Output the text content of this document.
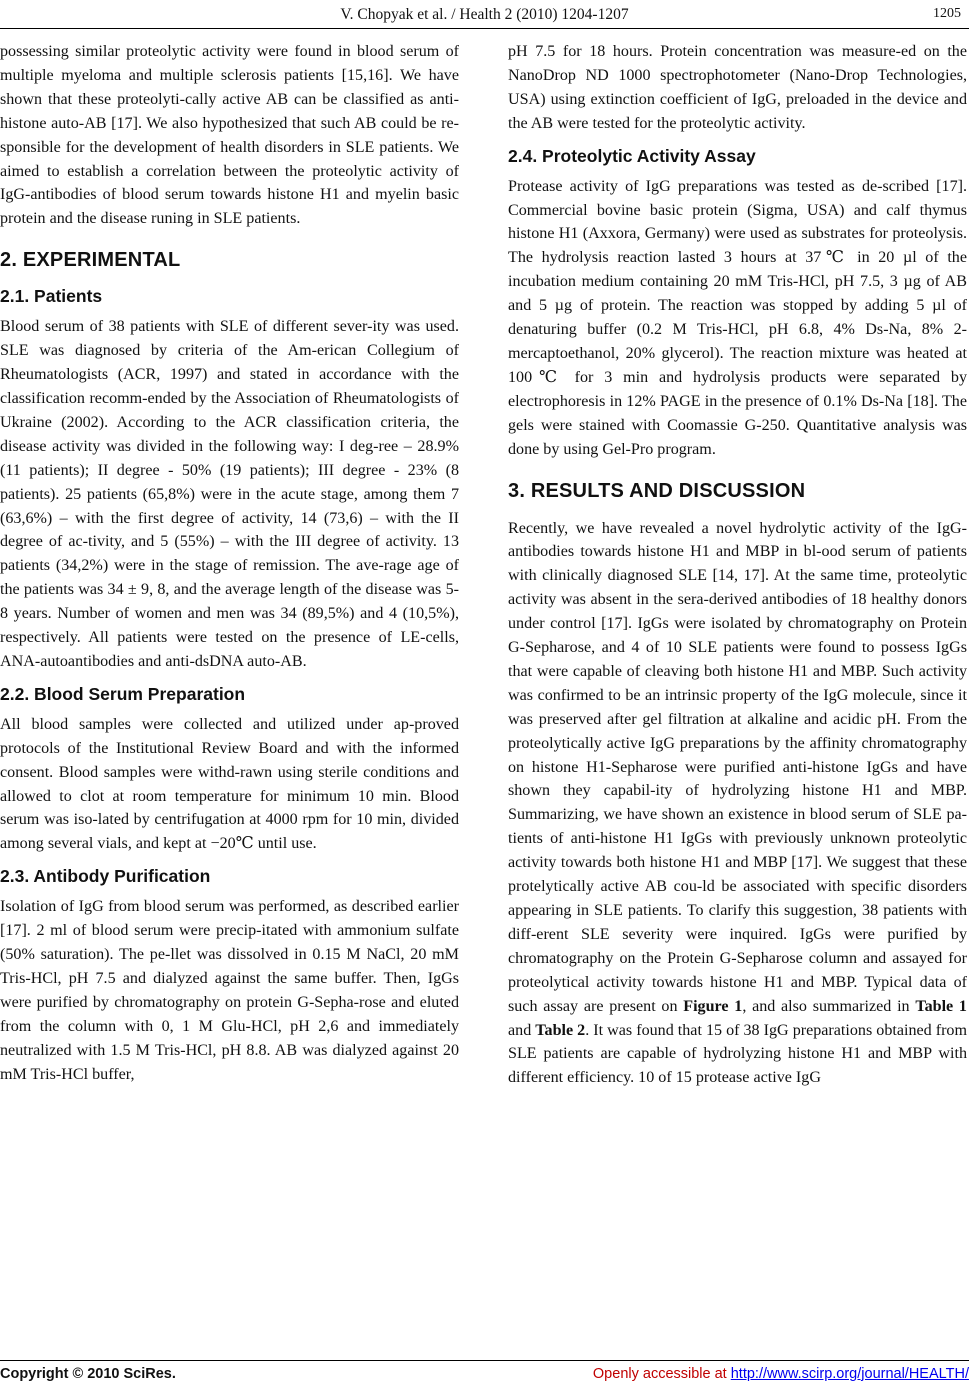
V. Chopyak et al. / Health 2 (2010) 1204-1207	1205

possessing similar proteolytic activity were found in blood serum of multiple myeloma and multiple sclerosis patients [15,16]. We have shown that these proteolyti-cally active AB can be classified as anti-histone auto-AB [17]. We also hypothesized that such AB could be re-sponsible for the development of health disorders in SLE patients. We aimed to establish a correlation between the proteolytic activity of IgG-antibodies of blood serum towards histone H1 and myelin basic protein and the disease runing in SLE patients.

2. EXPERIMENTAL
2.1. Patients

Blood serum of 38 patients with SLE of different sever-ity was used. SLE was diagnosed by criteria of the Am-erican Collegium of Rheumatologists (ACR, 1997) and stated in accordance with the classification recomm-ended by the Association of Rheumatologists of Ukraine (2002). According to the ACR classification criteria, the disease activity was divided in the following way: I deg-ree – 28.9% (11 patients); II degree - 50% (19 patients); III degree - 23% (8 patients). 25 patients (65,8%) were in the acute stage, among them 7 (63,6%) – with the first degree of activity, 14 (73,6) – with the II degree of ac-tivity, and 5 (55%) – with the III degree of activity. 13 patients (34,2%) were in the stage of remission. The ave-rage age of the patients was 34 ± 9, 8, and the average length of the disease was 5-8 years. Number of women and men was 34 (89,5%) and 4 (10,5%), respectively. All patients were tested on the presence of LE-cells, ANA-autoantibodies and anti-dsDNA auto-AB.

2.2. Blood Serum Preparation

All blood samples were collected and utilized under ap-proved protocols of the Institutional Review Board and with the informed consent. Blood samples were withd-rawn using sterile conditions and allowed to clot at room temperature for minimum 10 min. Blood serum was iso-lated by centrifugation at 4000 rpm for 10 min, divided among several vials, and kept at −20℃ until use.

2.3. Antibody Purification

Isolation of IgG from blood serum was performed, as described earlier [17]. 2 ml of blood serum were precip-itated with ammonium sulfate (50% saturation). The pe-llet was dissolved in 0.15 M NaCl, 20 mM Tris-HCl, pH 7.5 and dialyzed against the same buffer. Then, IgGs were purified by chromatography on protein G-Sepha-rose and eluted from the column with 0, 1 M Glu-HCl, pH 2,6 and immediately neutralized with 1.5 M Tris-HCl, pH 8.8. AB was dialyzed against 20 mM Tris-HCl buffer,

pH 7.5 for 18 hours. Protein concentration was measure-ed on the NanoDrop ND 1000 spectrophotometer (Nano-Drop Technologies, USA) using extinction coefficient of IgG, preloaded in the device and the AB were tested for the proteolytic activity.

2.4. Proteolytic Activity Assay

Protease activity of IgG preparations was tested as de-scribed [17]. Commercial bovine basic protein (Sigma, USA) and calf thymus histone H1 (Axxora, Germany) were used as substrates for proteolysis. The hydrolysis reaction lasted 3 hours at 37℃ in 20 µl of the incubation medium containing 20 mM Tris-HCl, pH 7.5, 3 µg of AB and 5 µg of protein. The reaction was stopped by adding 5 µl of denaturing buffer (0.2 M Tris-HCl, pH 6.8, 4% Ds-Na, 8% 2-mercaptoethanol, 20% glycerol). The reaction mixture was heated at 100℃ for 3 min and hydrolysis products were separated by electrophoresis in 12% PAGE in the presence of 0.1% Ds-Na [18]. The gels were stained with Coomassie G-250. Quantitative analysis was done by using Gel-Pro program.

3. RESULTS AND DISCUSSION

Recently, we have revealed a novel hydrolytic activity of the IgG-antibodies towards histone H1 and MBP in bl-ood serum of patients with clinically diagnosed SLE [14, 17]. At the same time, proteolytic activity was absent in the sera-derived antibodies of 18 healthy donors under control [17]. IgGs were isolated by chromatography on Protein G-Sepharose, and 4 of 10 SLE patients were found to possess IgGs that were capable of cleaving both histone H1 and MBP. Such activity was confirmed to be an intrinsic property of the IgG molecule, since it was preserved after gel filtration at alkaline and acidic pH. From the proteolytically active IgG preparations by the affinity chromatography on histone H1-Sepharose were purified anti-histone IgGs and have shown they capabil-ity of hydrolyzing histone H1 and MBP. Summarizing, we have shown an existence in blood serum of SLE pa-tients of anti-histone H1 IgGs with previously unknown proteolytic activity towards both histone H1 and MBP [17]. We suggest that these protelytically active AB cou-ld be associated with specific disorders appearing in SLE patients. To clarify this suggestion, 38 patients with diff-erent SLE severity were inquired. IgGs were purified by chromatography on the Protein G-Sepharose column and assayed for proteolytical activity towards histone H1 and MBP. Typical data of such assay are present on Figure 1, and also summarized in Table 1 and Table 2. It was found that 15 of 38 IgG preparations obtained from SLE patients are capable of hydrolyzing histone H1 and MBP with different efficiency. 10 of 15 protease active IgG

Copyright © 2010 SciRes.	Openly accessible at http://www.scirp.org/journal/HEALTH/
